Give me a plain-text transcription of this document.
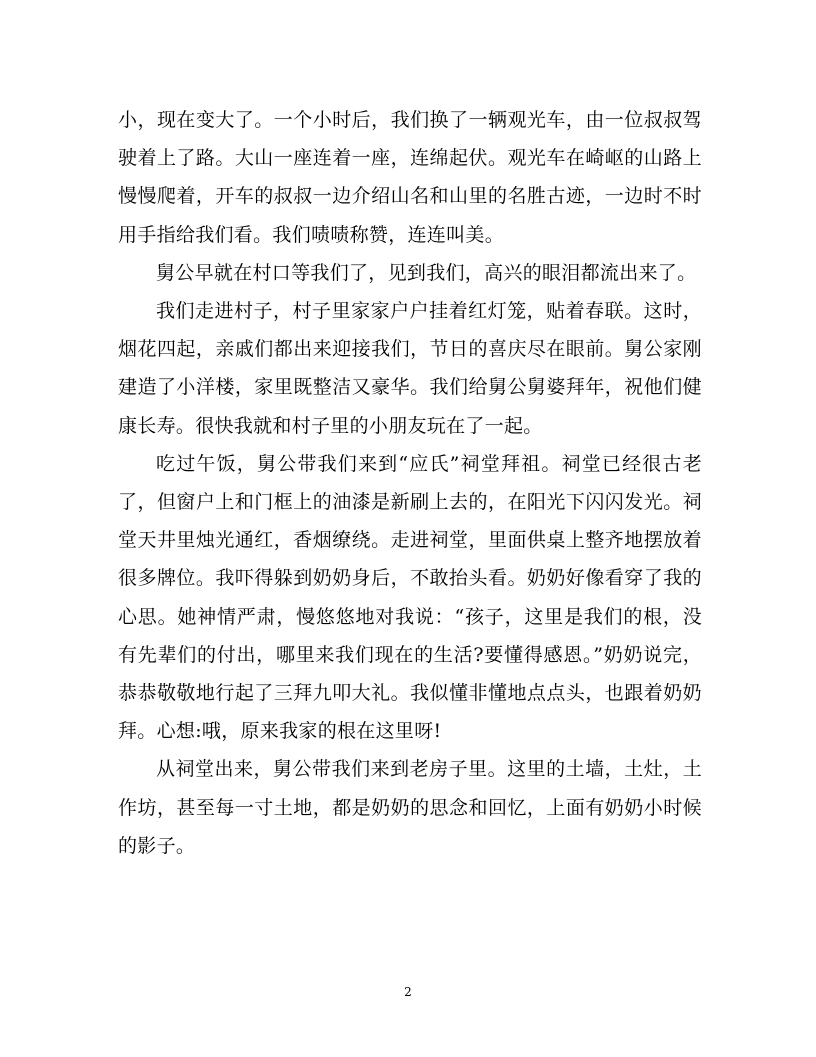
小，现在变大了。一个小时后，我们换了一辆观光车，由一位叔叔驾驶着上了路。大山一座连着一座，连绵起伏。观光车在崎岖的山路上慢慢爬着，开车的叔叔一边介绍山名和山里的名胜古迹，一边时不时用手指给我们看。我们啧啧称赞，连连叫美。

舅公早就在村口等我们了，见到我们，高兴的眼泪都流出来了。

我们走进村子，村子里家家户户挂着红灯笼，贴着春联。这时，烟花四起，亲戚们都出来迎接我们，节日的喜庆尽在眼前。舅公家刚建造了小洋楼，家里既整洁又豪华。我们给舅公舅婆拜年，祝他们健康长寿。很快我就和村子里的小朋友玩在了一起。

吃过午饭，舅公带我们来到“应氏”祠堂拜祖。祠堂已经很古老了，但窗户上和门框上的油漆是新刷上去的，在阳光下闪闪发光。祠堂天井里烛光通红，香烟缭绕。走进祠堂，里面供桌上整齐地摆放着很多牌位。我吓得躲到奶奶身后，不敢抬头看。奶奶好像看穿了我的心思。她神情严肃，慢悠悠地对我说：“孩子，这里是我们的根，没有先辈们的付出，哪里来我们现在的生活?要懂得感恩。”奶奶说完，恭恭敬敬地行起了三拜九叩大礼。我似懂非懂地点点头，也跟着奶奶拜。心想:哦，原来我家的根在这里呀!

从祠堂出来，舅公带我们来到老房子里。这里的土墙，土灶，土作坊，甚至每一寸土地，都是奶奶的思念和回忆，上面有奶奶小时候的影子。

2
